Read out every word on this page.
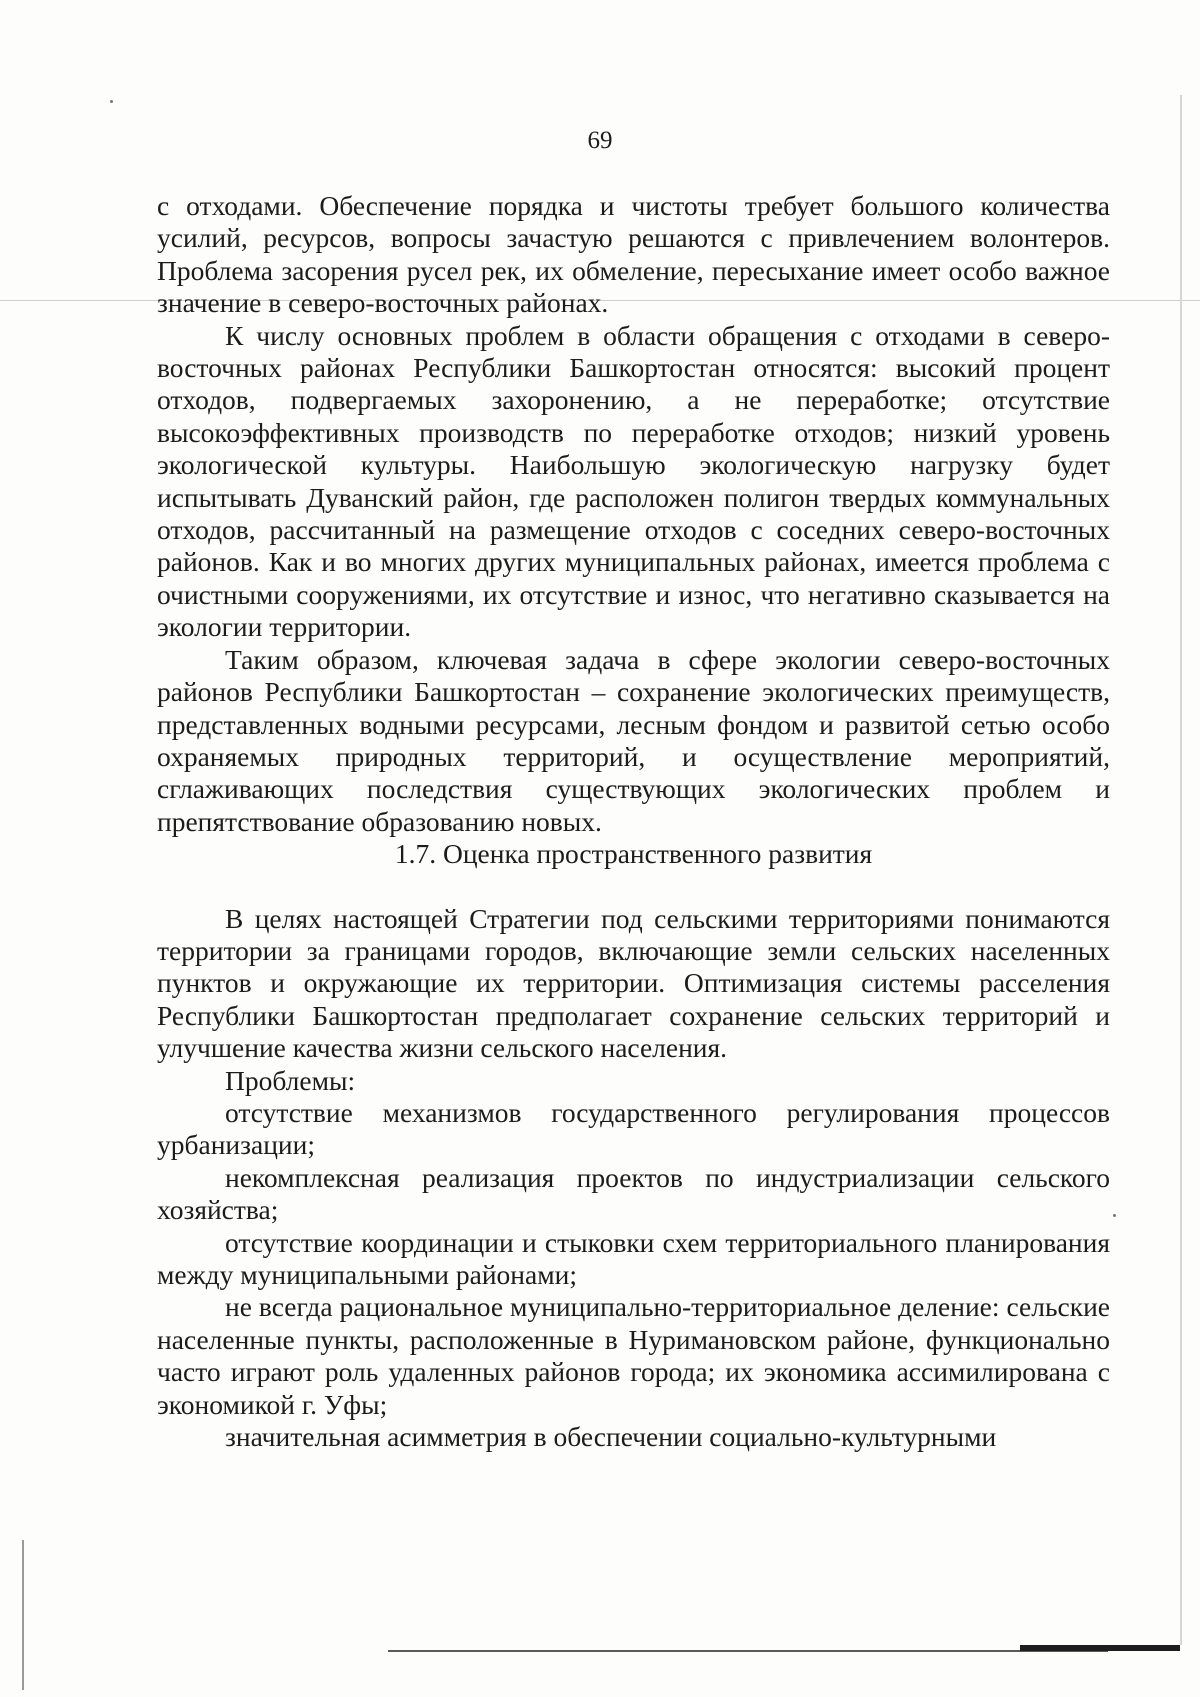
69

с отходами. Обеспечение порядка и чистоты требует большого количества усилий, ресурсов, вопросы зачастую решаются с привлечением волонтеров. Проблема засорения русел рек, их обмеление, пересыхание имеет особо важное значение в северо-восточных районах.

К числу основных проблем в области обращения с отходами в северо-восточных районах Республики Башкортостан относятся: высокий процент отходов, подвергаемых захоронению, а не переработке; отсутствие высокоэффективных производств по переработке отходов; низкий уровень экологической культуры. Наибольшую экологическую нагрузку будет испытывать Дуванский район, где расположен полигон твердых коммунальных отходов, рассчитанный на размещение отходов с соседних северо-восточных районов. Как и во многих других муниципальных районах, имеется проблема с очистными сооружениями, их отсутствие и износ, что негативно сказывается на экологии территории.

Таким образом, ключевая задача в сфере экологии северо-восточных районов Республики Башкортостан – сохранение экологических преимуществ, представленных водными ресурсами, лесным фондом и развитой сетью особо охраняемых природных территорий, и осуществление мероприятий, сглаживающих последствия существующих экологических проблем и препятствование образованию новых.

1.7. Оценка пространственного развития

В целях настоящей Стратегии под сельскими территориями понимаются территории за границами городов, включающие земли сельских населенных пунктов и окружающие их территории. Оптимизация системы расселения Республики Башкортостан предполагает сохранение сельских территорий и улучшение качества жизни сельского населения.

Проблемы:

отсутствие механизмов государственного регулирования процессов урбанизации;

некомплексная реализация проектов по индустриализации сельского хозяйства;

отсутствие координации и стыковки схем территориального планирования между муниципальными районами;

не всегда рациональное муниципально-территориальное деление: сельские населенные пункты, расположенные в Нуримановском районе, функционально часто играют роль удаленных районов города; их экономика ассимилирована с экономикой г. Уфы;

значительная асимметрия в обеспечении социально-культурными
